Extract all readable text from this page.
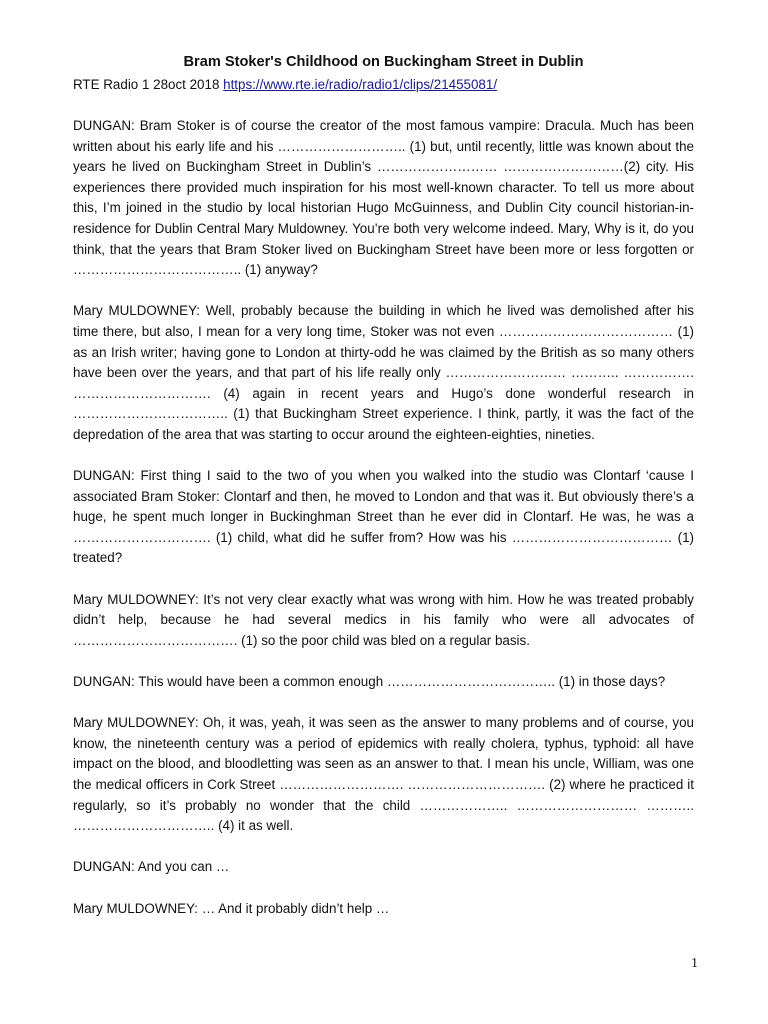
Bram Stoker's Childhood on Buckingham Street in Dublin
RTE Radio 1 28oct 2018 https://www.rte.ie/radio/radio1/clips/21455081/

DUNGAN: Bram Stoker is of course the creator of the most famous vampire: Dracula. Much has been written about his early life and his ……………………….. (1) but, until recently, little was known about the years he lived on Buckingham Street in Dublin’s ……………………… ………………………(2) city. His experiences there provided much inspiration for his most well-known character. To tell us more about this, I’m joined in the studio by local historian Hugo McGuinness, and Dublin City council historian-in-residence for Dublin Central Mary Muldowney. You’re both very welcome indeed. Mary, Why is it, do you think, that the years that Bram Stoker lived on Buckingham Street have been more or less forgotten or ……………………………….. (1) anyway?

Mary MULDOWNEY: Well, probably because the building in which he lived was demolished after his time there, but also, I mean for a very long time, Stoker was not even ………………………………… (1) as an Irish writer; having gone to London at thirty-odd he was claimed by the British as so many others have been over the years, and that part of his life really only ……………………… ……….. ……………. …………………………. (4) again in recent years and Hugo’s done wonderful research in …………………………….. (1) that Buckingham Street experience. I think, partly, it was the fact of the depredation of the area that was starting to occur around the eighteen-eighties, nineties.

DUNGAN: First thing I said to the two of you when you walked into the studio was Clontarf ‘cause I associated Bram Stoker: Clontarf and then, he moved to London and that was it. But obviously there’s a huge, he spent much longer in Buckinghman Street than he ever did in Clontarf. He was, he was a …………………………. (1) child, what did he suffer from? How was his ……………………………… (1) treated?

Mary MULDOWNEY: It’s not very clear exactly what was wrong with him. How he was treated probably didn’t help, because he had several medics in his family who were all advocates of ………………………………. (1) so the poor child was bled on a regular basis.

DUNGAN: This would have been a common enough ……………………………….. (1) in those days?

Mary MULDOWNEY: Oh, it was, yeah, it was seen as the answer to many problems and of course, you know, the nineteenth century was a period of epidemics with really cholera, typhus, typhoid: all have impact on the blood, and bloodletting was seen as an answer to that. I mean his uncle, William, was one the medical officers in Cork Street ………………………. …………………………. (2) where he practiced it regularly, so it’s probably no wonder that the child ……………….. ……………………… ……….. ………………………….. (4) it as well.

DUNGAN: And you can …

Mary MULDOWNEY: … And it probably didn’t help …

1
